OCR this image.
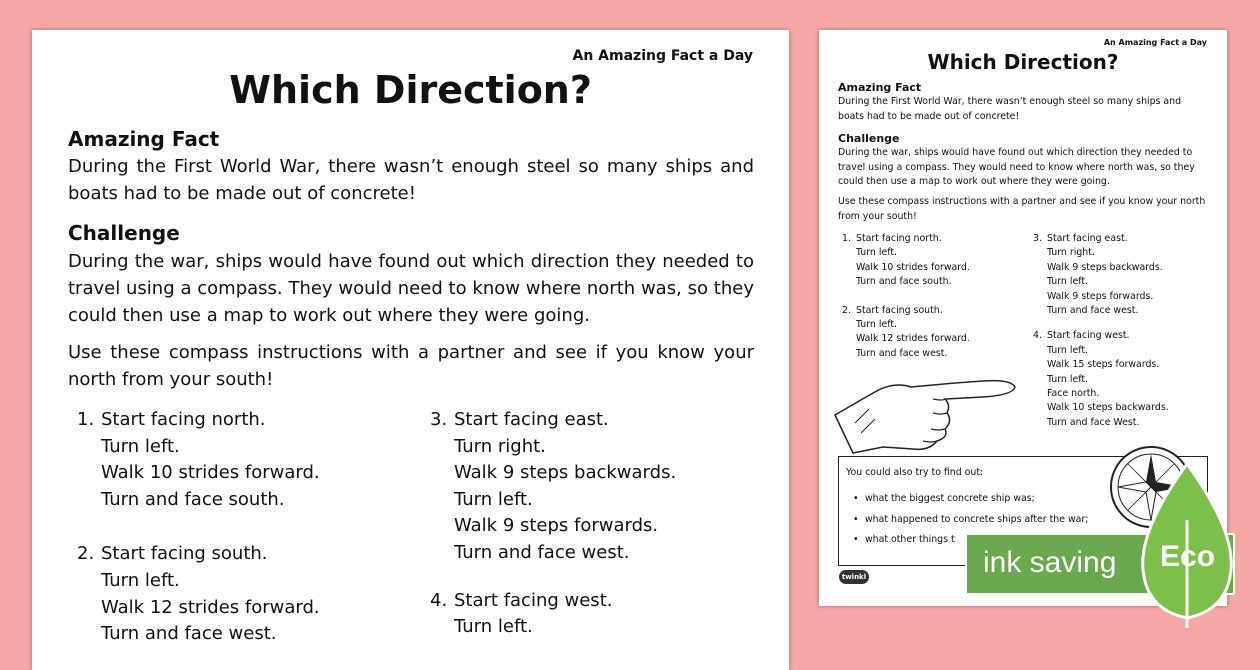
An Amazing Fact a Day
Which Direction?
Amazing Fact
During the First World War, there wasn’t enough steel so many ships and boats had to be made out of concrete!
Challenge
During the war, ships would have found out which direction they needed to travel using a compass. They would need to know where north was, so they could then use a map to work out where they were going.
Use these compass instructions with a partner and see if you know your north from your south!
1. Start facing north.
Turn left.
Walk 10 strides forward.
Turn and face south.
2. Start facing south.
Turn left.
Walk 12 strides forward.
Turn and face west.
3. Start facing east.
Turn right.
Walk 9 steps backwards.
Turn left.
Walk 9 steps forwards.
Turn and face west.
4. Start facing west.
Turn left.
An Amazing Fact a Day
Which Direction?
Amazing Fact
During the First World War, there wasn’t enough steel so many ships and boats had to be made out of concrete!
Challenge
During the war, ships would have found out which direction they needed to travel using a compass. They would need to know where north was, so they could then use a map to work out where they were going.
Use these compass instructions with a partner and see if you know your north from your south!
1. Start facing north.
Turn left.
Walk 10 strides forward.
Turn and face south.
2. Start facing south.
Turn left.
Walk 12 strides forward.
Turn and face west.
3. Start facing east.
Turn right.
Walk 9 steps backwards.
Turn left.
Walk 9 steps forwards.
Turn and face west.
4. Start facing west.
Turn left.
Walk 15 steps forwards.
Turn left.
Face north.
Walk 10 steps backwards.
Turn and face West.
You could also try to find out:
• what the biggest concrete ship was;
• what happened to concrete ships after the war;
• what other things t
twinkl	ink saving	Eco
